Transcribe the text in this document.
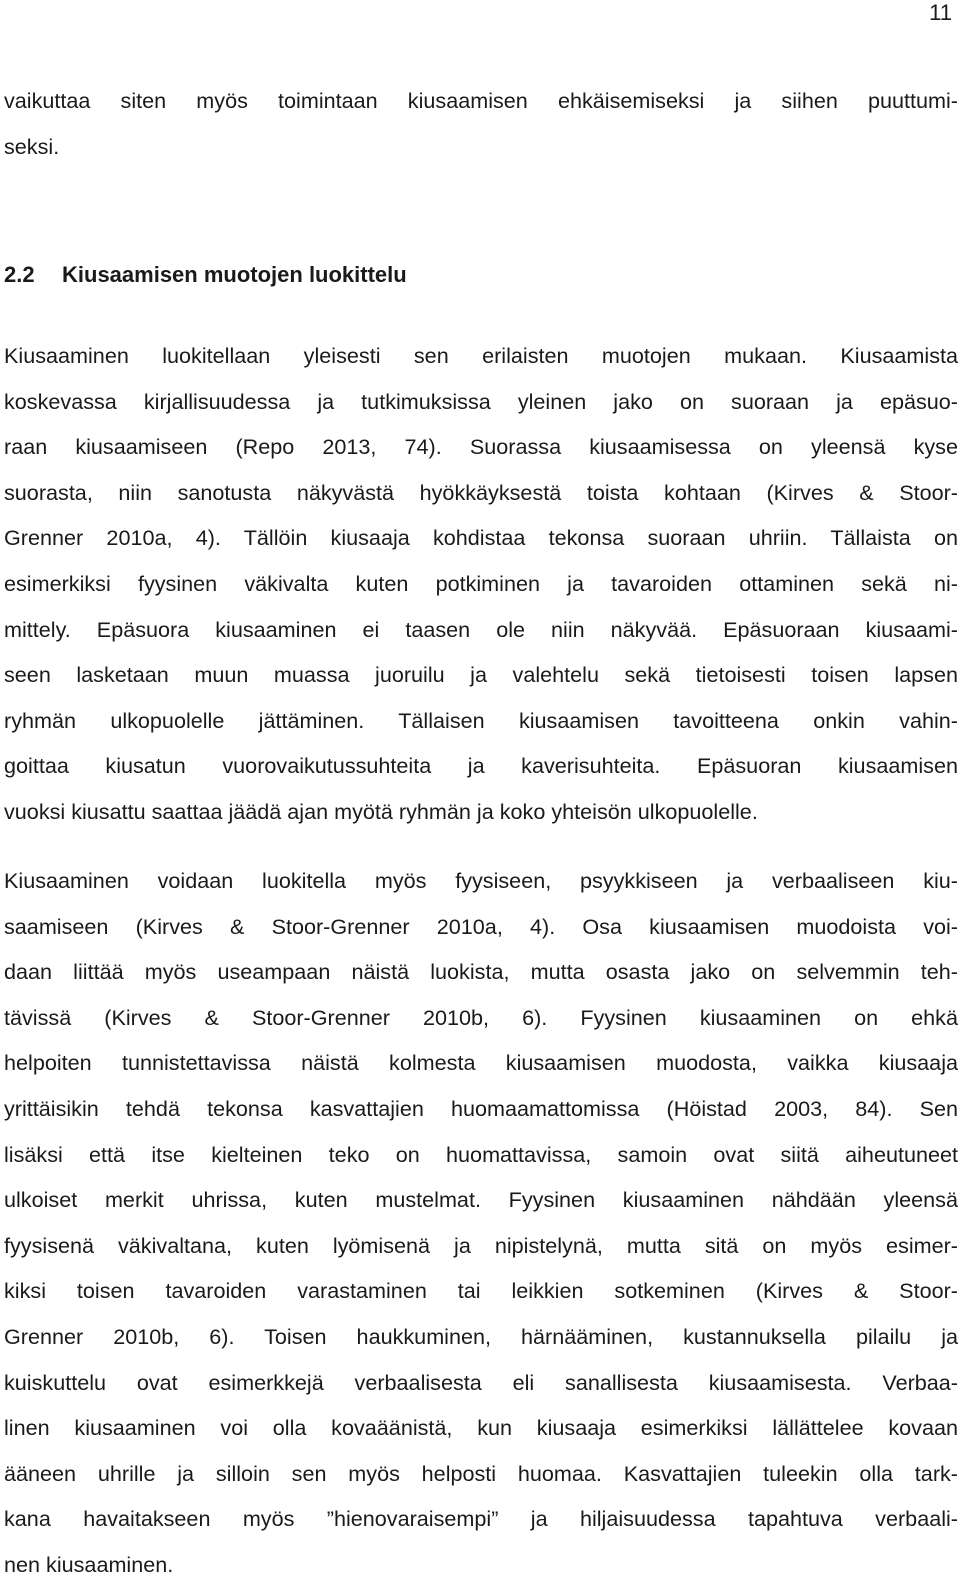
11
vaikuttaa siten myös toimintaan kiusaamisen ehkäisemiseksi ja siihen puuttumi-
seksi.
2.2 Kiusaamisen muotojen luokittelu
Kiusaaminen luokitellaan yleisesti sen erilaisten muotojen mukaan. Kiusaamista
koskevassa kirjallisuudessa ja tutkimuksissa yleinen jako on suoraan ja epäsuo-
raan kiusaamiseen (Repo 2013, 74). Suorassa kiusaamisessa on yleensä kyse
suorasta, niin sanotusta näkyvästä hyökkäyksestä toista kohtaan (Kirves & Stoor-
Grenner 2010a, 4). Tällöin kiusaaja kohdistaa tekonsa suoraan uhriin. Tällaista on
esimerkiksi fyysinen väkivalta kuten potkiminen ja tavaroiden ottaminen sekä ni-
mittely. Epäsuora kiusaaminen ei taasen ole niin näkyvää. Epäsuoraan kiusaami-
seen lasketaan muun muassa juoruilu ja valehtelu sekä tietoisesti toisen lapsen
ryhmän ulkopuolelle jättäminen. Tällaisen kiusaamisen tavoitteena onkin vahin-
goittaa kiusatun vuorovaikutussuhteita ja kaverisuhteita. Epäsuoran kiusaamisen
vuoksi kiusattu saattaa jäädä ajan myötä ryhmän ja koko yhteisön ulkopuolelle.
Kiusaaminen voidaan luokitella myös fyysiseen, psyykkiseen ja verbaaliseen kiu-
saamiseen (Kirves & Stoor-Grenner 2010a, 4). Osa kiusaamisen muodoista voi-
daan liittää myös useampaan näistä luokista, mutta osasta jako on selvemmin teh-
tävissä (Kirves & Stoor-Grenner 2010b, 6). Fyysinen kiusaaminen on ehkä
helpoiten tunnistettavissa näistä kolmesta kiusaamisen muodosta, vaikka kiusaaja
yrittäisikin tehdä tekonsa kasvattajien huomaamattomissa (Höistad 2003, 84). Sen
lisäksi että itse kielteinen teko on huomattavissa, samoin ovat siitä aiheutuneet
ulkoiset merkit uhrissa, kuten mustelmat. Fyysinen kiusaaminen nähdään yleensä
fyysisenä väkivaltana, kuten lyömisenä ja nipistelynä, mutta sitä on myös esimer-
kiksi toisen tavaroiden varastaminen tai leikkien sotkeminen (Kirves & Stoor-
Grenner 2010b, 6). Toisen haukkuminen, härnääminen, kustannuksella pilailu ja
kuiskuttelu ovat esimerkkejä verbaalisesta eli sanallisesta kiusaamisesta. Verbaa-
linen kiusaaminen voi olla kovaäänistä, kun kiusaaja esimerkiksi lällättelee kovaan
ääneen uhrille ja silloin sen myös helposti huomaa. Kasvattajien tuleekin olla tark-
kana havaitakseen myös ”hienovaraisempi” ja hiljaisuudessa tapahtuva verbaali-
nen kiusaaminen.
